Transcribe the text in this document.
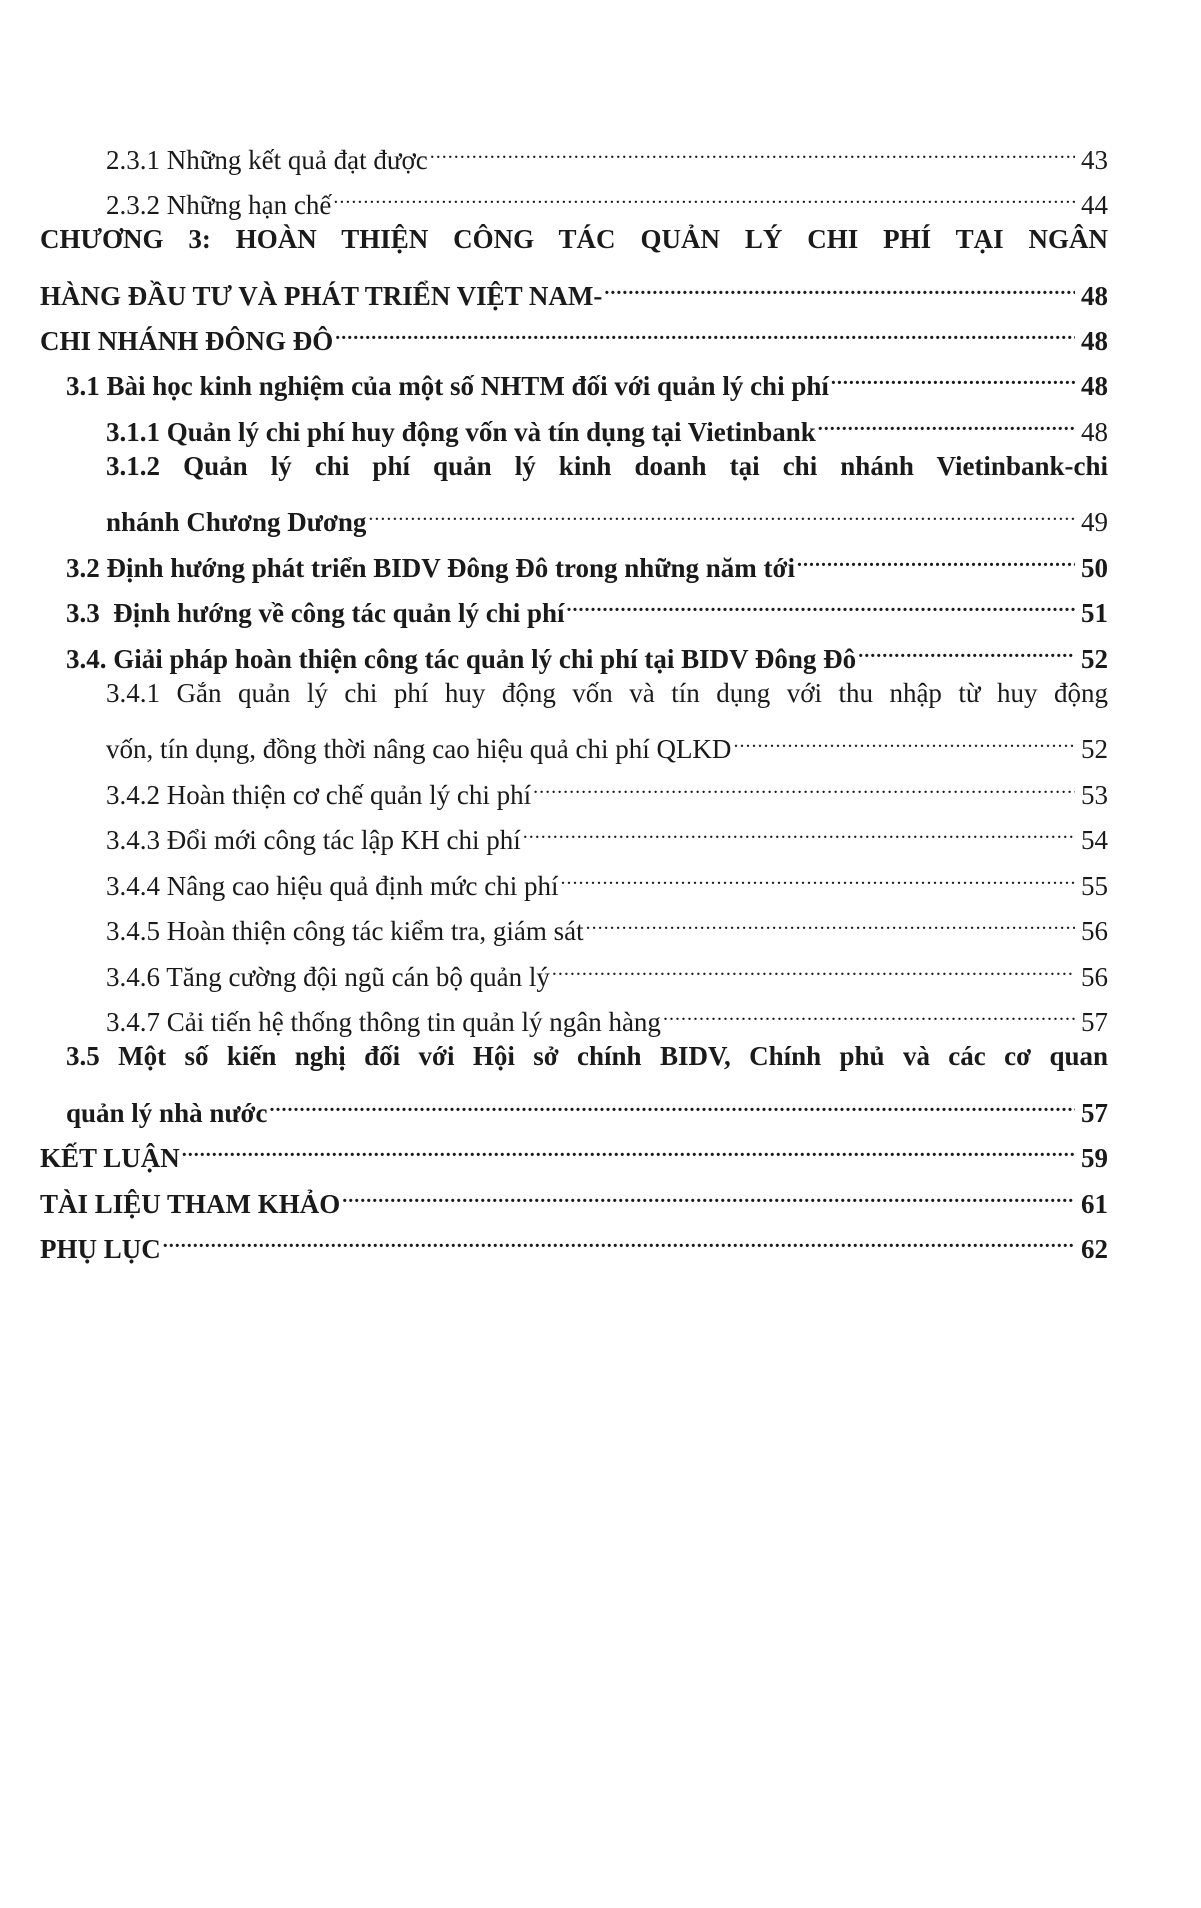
2.3.1 Những kết quả đạt được .....	43
2.3.2 Những hạn chế .....	44
CHƯƠNG 3: HOÀN THIỆN CÔNG TÁC QUẢN LÝ CHI PHÍ TẠI NGÂN
HÀNG ĐẦU TƯ VÀ PHÁT TRIỂN VIỆT NAM- .....	48
CHI NHÁNH ĐÔNG ĐÔ .....	48
3.1 Bài học kinh nghiệm của một số NHTM đối với quản lý chi phí .....	48
3.1.1 Quản lý chi phí huy động vốn và tín dụng tại Vietinbank .....	48
3.1.2 Quản lý chi phí quản lý kinh doanh tại chi nhánh Vietinbank-chi
nhánh Chương Dương .....	49
3.2 Định hướng phát triển BIDV Đông Đô trong những năm tới .....	50
3.3  Định hướng về công tác quản lý chi phí .....	51
3.4. Giải pháp hoàn thiện công tác quản lý chi phí tại BIDV Đông Đô .....	52
3.4.1 Gắn quản lý chi phí huy động vốn và tín dụng với thu nhập từ huy động
vốn, tín dụng, đồng thời nâng cao hiệu quả chi phí QLKD .....	52
3.4.2 Hoàn thiện cơ chế quản lý chi phí .....	53
3.4.3 Đổi mới công tác lập KH chi phí .....	54
3.4.4 Nâng cao hiệu quả định mức chi phí .....	55
3.4.5 Hoàn thiện công tác kiểm tra, giám sát .....	56
3.4.6 Tăng cường đội ngũ cán bộ quản lý .....	56
3.4.7 Cải tiến hệ thống thông tin quản lý ngân hàng .....	57
3.5 Một số kiến nghị đối với Hội sở chính BIDV, Chính phủ và các cơ quan
quản lý nhà nước .....	57
KẾT LUẬN .....	59
TÀI LIỆU THAM KHẢO .....	61
PHỤ LỤC .....	62
